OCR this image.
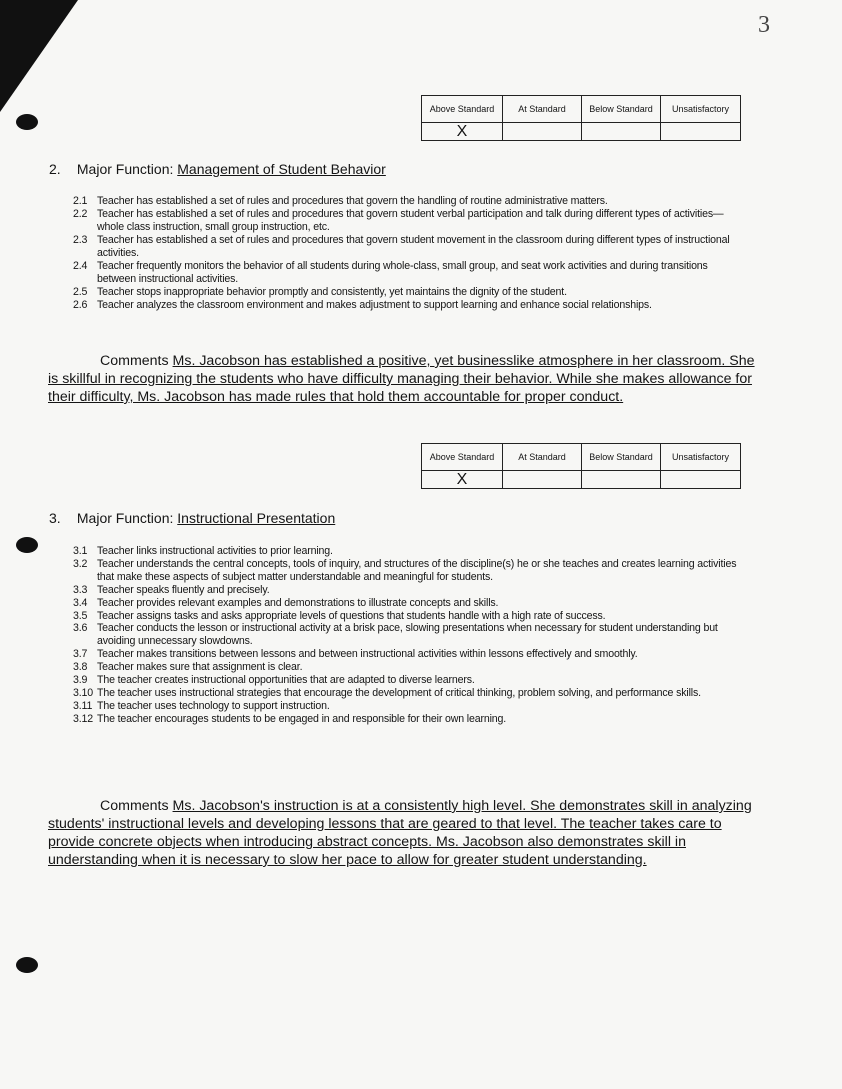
3
Above Standard	At Standard	Below Standard	Unsatisfactory
X			
2. Major Function: Management of Student Behavior
2.1 Teacher has established a set of rules and procedures that govern the handling of routine administrative matters.
2.2 Teacher has established a set of rules and procedures that govern student verbal participation and talk during different types of activities—whole class instruction, small group instruction, etc.
2.3 Teacher has established a set of rules and procedures that govern student movement in the classroom during different types of instructional activities.
2.4 Teacher frequently monitors the behavior of all students during whole-class, small group, and seat work activities and during transitions between instructional activities.
2.5 Teacher stops inappropriate behavior promptly and consistently, yet maintains the dignity of the student.
2.6 Teacher analyzes the classroom environment and makes adjustment to support learning and enhance social relationships.
Comments Ms. Jacobson has established a positive, yet businesslike atmosphere in her classroom. She is skillful in recognizing the students who have difficulty managing their behavior. While she makes allowance for their difficulty, Ms. Jacobson has made rules that hold them accountable for proper conduct.
Above Standard	At Standard	Below Standard	Unsatisfactory
X			
3. Major Function: Instructional Presentation
3.1 Teacher links instructional activities to prior learning.
3.2 Teacher understands the central concepts, tools of inquiry, and structures of the discipline(s) he or she teaches and creates learning activities that make these aspects of subject matter understandable and meaningful for students.
3.3 Teacher speaks fluently and precisely.
3.4 Teacher provides relevant examples and demonstrations to illustrate concepts and skills.
3.5 Teacher assigns tasks and asks appropriate levels of questions that students handle with a high rate of success.
3.6 Teacher conducts the lesson or instructional activity at a brisk pace, slowing presentations when necessary for student understanding but avoiding unnecessary slowdowns.
3.7 Teacher makes transitions between lessons and between instructional activities within lessons effectively and smoothly.
3.8 Teacher makes sure that assignment is clear.
3.9 The teacher creates instructional opportunities that are adapted to diverse learners.
3.10 The teacher uses instructional strategies that encourage the development of critical thinking, problem solving, and performance skills.
3.11 The teacher uses technology to support instruction.
3.12 The teacher encourages students to be engaged in and responsible for their own learning.
Comments Ms. Jacobson's instruction is at a consistently high level. She demonstrates skill in analyzing students' instructional levels and developing lessons that are geared to that level. The teacher takes care to provide concrete objects when introducing abstract concepts. Ms. Jacobson also demonstrates skill in understanding when it is necessary to slow her pace to allow for greater student understanding.
